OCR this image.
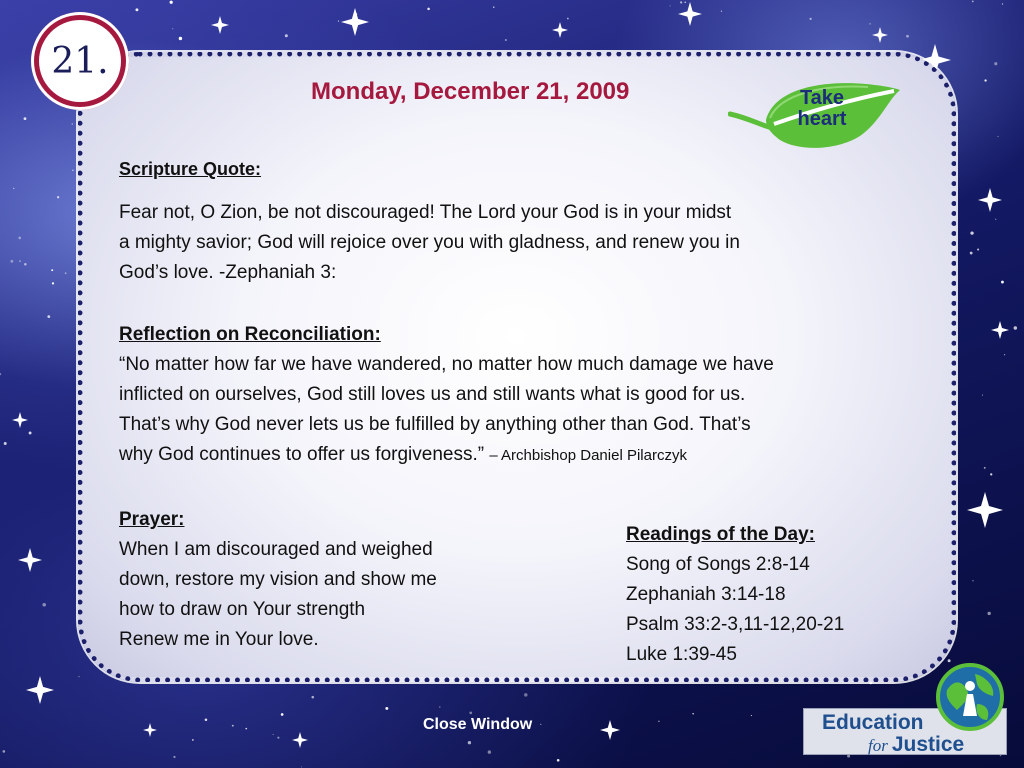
21.
Monday, December 21, 2009	Take
heart
Scripture Quote:
Fear not, O Zion, be not discouraged! The Lord your God is in your midst
a mighty savior; God will rejoice over you with gladness, and renew you in
God’s love. -Zephaniah 3:
Reflection on Reconciliation:
“No matter how far we have wandered, no matter how much damage we have
inflicted on ourselves, God still loves us and still wants what is good for us.
That’s why God never lets us be fulfilled by anything other than God. That’s
why God continues to offer us forgiveness.” – Archbishop Daniel Pilarczyk
Prayer:
When I am discouraged and weighed
down, restore my vision and show me
how to draw on Your strength
Renew me in Your love.
Readings of the Day:
Song of Songs 2:8-14
Zephaniah 3:14-18
Psalm 33:2-3,11-12,20-21
Luke 1:39-45
Close Window	Education
for Justice
